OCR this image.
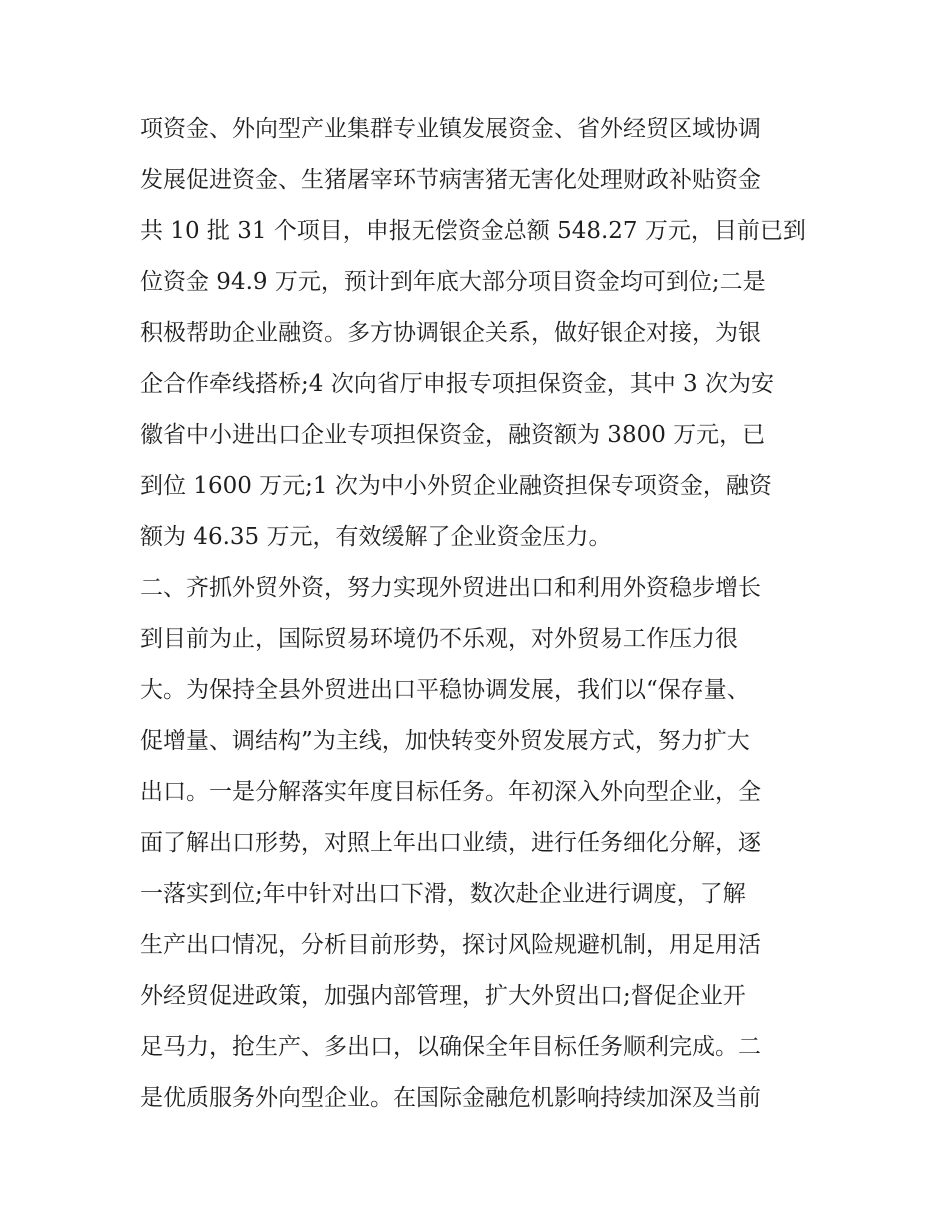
项资金、外向型产业集群专业镇发展资金、省外经贸区域协调
发展促进资金、生猪屠宰环节病害猪无害化处理财政补贴资金
共 10 批 31 个项目，申报无偿资金总额 548.27 万元，目前已到
位资金 94.9 万元，预计到年底大部分项目资金均可到位;二是
积极帮助企业融资。多方协调银企关系，做好银企对接，为银
企合作牵线搭桥;4 次向省厅申报专项担保资金，其中 3 次为安
徽省中小进出口企业专项担保资金，融资额为 3800 万元，已
到位 1600 万元;1 次为中小外贸企业融资担保专项资金，融资
额为 46.35 万元，有效缓解了企业资金压力。
二、齐抓外贸外资，努力实现外贸进出口和利用外资稳步增长
到目前为止，国际贸易环境仍不乐观，对外贸易工作压力很
大。为保持全县外贸进出口平稳协调发展，我们以“保存量、
促增量、调结构”为主线，加快转变外贸发展方式，努力扩大
出口。一是分解落实年度目标任务。年初深入外向型企业，全
面了解出口形势，对照上年出口业绩，进行任务细化分解，逐
一落实到位;年中针对出口下滑，数次赴企业进行调度，了解
生产出口情况，分析目前形势，探讨风险规避机制，用足用活
外经贸促进政策，加强内部管理，扩大外贸出口;督促企业开
足马力，抢生产、多出口，以确保全年目标任务顺利完成。二
是优质服务外向型企业。在国际金融危机影响持续加深及当前
